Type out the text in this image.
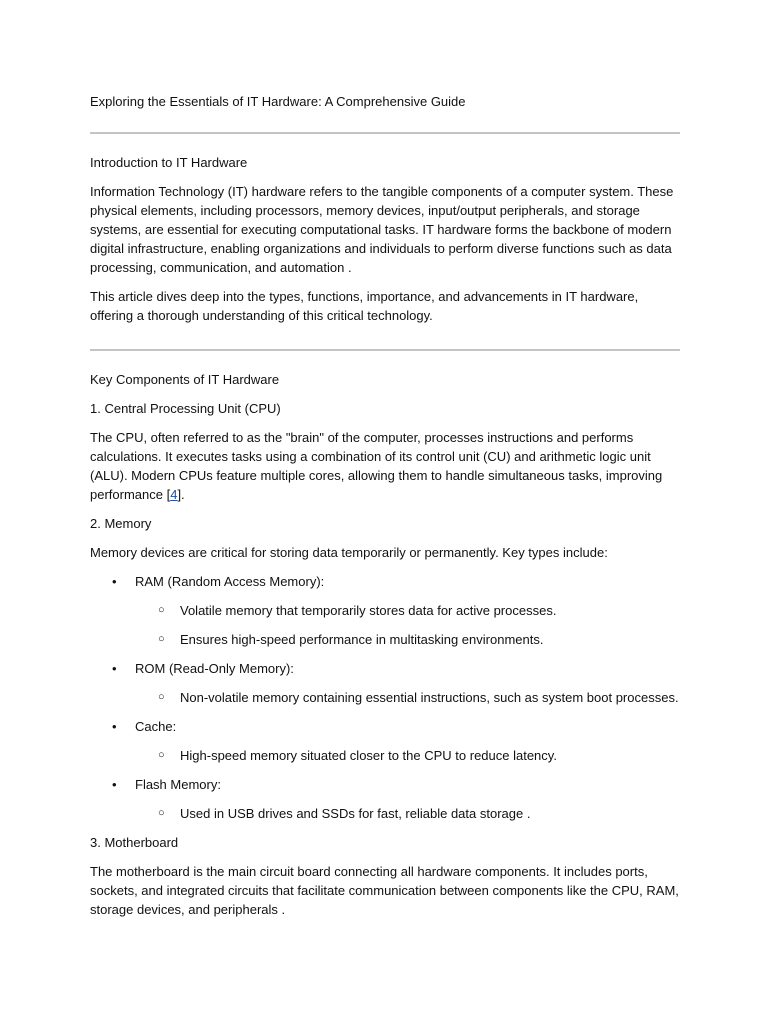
Exploring the Essentials of IT Hardware: A Comprehensive Guide

Introduction to IT Hardware

Information Technology (IT) hardware refers to the tangible components of a computer system. These physical elements, including processors, memory devices, input/output peripherals, and storage systems, are essential for executing computational tasks. IT hardware forms the backbone of modern digital infrastructure, enabling organizations and individuals to perform diverse functions such as data processing, communication, and automation .

This article dives deep into the types, functions, importance, and advancements in IT hardware, offering a thorough understanding of this critical technology.

Key Components of IT Hardware

1. Central Processing Unit (CPU)

The CPU, often referred to as the "brain" of the computer, processes instructions and performs calculations. It executes tasks using a combination of its control unit (CU) and arithmetic logic unit (ALU). Modern CPUs feature multiple cores, allowing them to handle simultaneous tasks, improving performance [4].

2. Memory

Memory devices are critical for storing data temporarily or permanently. Key types include:

• RAM (Random Access Memory):
○ Volatile memory that temporarily stores data for active processes.
○ Ensures high-speed performance in multitasking environments.
• ROM (Read-Only Memory):
○ Non-volatile memory containing essential instructions, such as system boot processes.
• Cache:
○ High-speed memory situated closer to the CPU to reduce latency.
• Flash Memory:
○ Used in USB drives and SSDs for fast, reliable data storage .

3. Motherboard

The motherboard is the main circuit board connecting all hardware components. It includes ports, sockets, and integrated circuits that facilitate communication between components like the CPU, RAM, storage devices, and peripherals .
